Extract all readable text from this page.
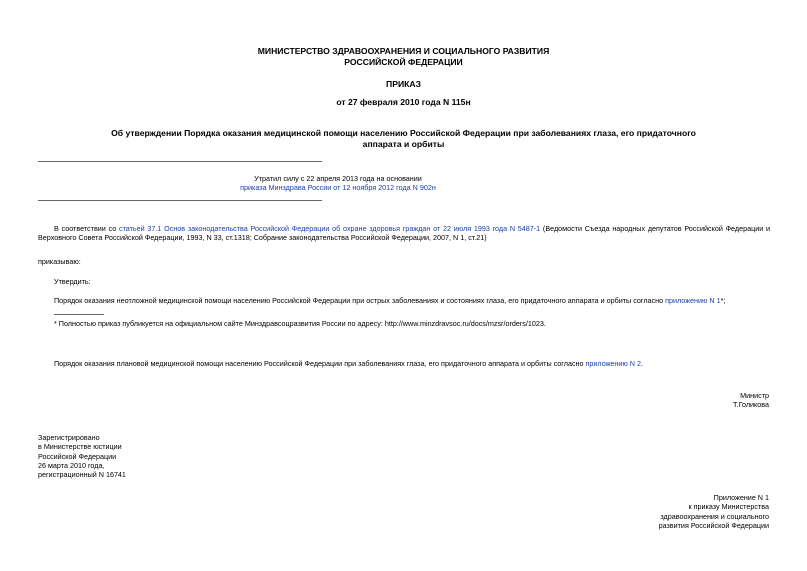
МИНИСТЕРСТВО ЗДРАВООХРАНЕНИЯ И СОЦИАЛЬНОГО РАЗВИТИЯ
РОССИЙСКОЙ ФЕДЕРАЦИИ
ПРИКАЗ
от 27 февраля 2010 года N 115н
Об утверждении Порядка оказания медицинской помощи населению Российской Федерации при заболеваниях глаза, его придаточного
аппарата и орбиты
Утратил силу с 22 апреля 2013 года на основании
приказа Минздрава России от 12 ноября 2012 года N 902н
В соответствии со статьей 37.1 Основ законодательства Российской Федерации об охране здоровья граждан от 22 июля 1993 года N 5487-1 (Ведомости Съезда народных депутатов Российской Федерации и Верховного Совета Российской Федерации, 1993, N 33, ст.1318; Собрание законодательства Российской Федерации, 2007, N 1, ст.21)
приказываю:
Утвердить:
Порядок оказания неотложной медицинской помощи населению Российской Федерации при острых заболеваниях и состояниях глаза, его придаточного аппарата и орбиты согласно приложению N 1*;
* Полностью приказ публикуется на официальном сайте Минздравсоцразвития России по адресу: http://www.minzdravsoc.ru/docs/mzsr/orders/1023.
Порядок оказания плановой медицинской помощи населению Российской Федерации при заболеваниях глаза, его придаточного аппарата и орбиты согласно приложению N 2.
Министр
Т.Голикова
Зарегистрировано
в Министерстве юстиции
Российской Федерации
26 марта 2010 года,
регистрационный N 16741
Приложение N 1
к приказу Министерства
здравоохранения и социального
развития Российской Федерации
